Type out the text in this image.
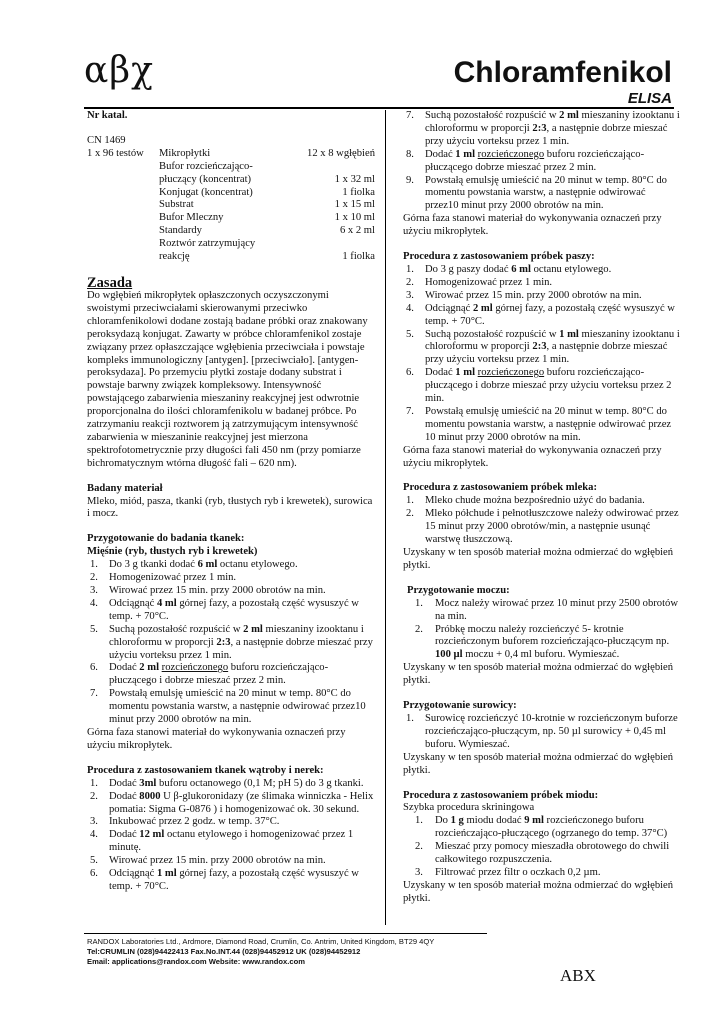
αβχ	Chloramfenikol
ELISA
Nr katal.
CN 1469
1 x 96 testów	Mikropłytki	12 x 8 wgłębień
Bufor rozcieńczająco-
płuczący (koncentrat)	1 x 32 ml
Konjugat (koncentrat)	1 fiolka
Substrat	1 x 15 ml
Bufor Mleczny	1 x 10 ml
Standardy	6 x 2 ml
Roztwór zatrzymujący
reakcję	1 fiolka
Zasada
Do wgłębień mikropłytek opłaszczonych oczyszczonymi swoistymi przeciwciałami skierowanymi przeciwko chloramfenikolowi dodane zostają badane próbki oraz znakowany peroksydazą konjugat. Zawarty w próbce chloramfenikol zostaje związany przez opłaszczające wgłębienia przeciwciała i powstaje kompleks immunologiczny [antygen]. [przeciwciało]. [antygen- peroksydaza]. Po przemyciu płytki zostaje dodany substrat i powstaje barwny związek kompleksowy. Intensywność powstającego zabarwienia mieszaniny reakcyjnej jest odwrotnie proporcjonalna do ilości chloramfenikolu w badanej próbce. Po zatrzymaniu reakcji roztworem ją zatrzymującym intensywność zabarwienia w mieszaninie reakcyjnej jest mierzona spektrofotometrycznie przy długości fali 450 nm (przy pomiarze bichromatycznym wtórna długość fali – 620 nm).
Badany materiał
Mleko, miód, pasza, tkanki (ryb, tłustych ryb i krewetek), surowica i mocz.
Przygotowanie do badania tkanek:
Mięśnie (ryb, tłustych ryb i krewetek)
1. Do 3 g tkanki dodać 6 ml octanu etylowego.
2. Homogenizować przez 1 min.
3. Wirować przez 15 min. przy 2000 obrotów na min.
4. Odciągnąć 4 ml górnej fazy, a pozostałą część wysuszyć w temp. + 70°C.
5. Suchą pozostałość rozpuścić w 2 ml mieszaniny izooktanu i chloroformu w proporcji 2:3, a następnie dobrze mieszać przy użyciu vorteksu przez 1 min.
6. Dodać 2 ml rozcieńczonego buforu rozcieńczająco-płuczącego i dobrze mieszać przez 2 min.
7. Powstałą emulsję umieścić na 20 minut w temp. 80°C do momentu powstania warstw, a następnie odwirować przez10 minut przy 2000 obrotów na min.
Górna faza stanowi materiał do wykonywania oznaczeń przy użyciu mikropłytek.
Procedura z zastosowaniem tkanek wątroby i nerek:
1. Dodać 3ml buforu octanowego (0,1 M; pH 5) do 3 g tkanki.
2. Dodać 8000 U β-glukoronidazy (ze ślimaka winniczka - Helix pomatia: Sigma G-0876 ) i homogenizować ok. 30 sekund.
3. Inkubować przez 2 godz. w temp. 37°C.
4. Dodać 12 ml octanu etylowego i homogenizować przez 1 minutę.
5. Wirować przez 15 min. przy 2000 obrotów na min.
6. Odciągnąć 1 ml górnej fazy, a pozostałą część wysuszyć w temp. + 70°C.
7. Suchą pozostałość rozpuścić w 2 ml mieszaniny izooktanu i chloroformu w proporcji 2:3, a następnie dobrze mieszać przy użyciu vorteksu przez 1 min.
8. Dodać 1 ml rozcieńczonego buforu rozcieńczająco-płuczącego dobrze mieszać przez 2 min.
9. Powstałą emulsję umieścić na 20 minut w temp. 80°C do momentu powstania warstw, a następnie odwirować przez10 minut przy 2000 obrotów na min.
Górna faza stanowi materiał do wykonywania oznaczeń przy użyciu mikropłytek.
Procedura z zastosowaniem próbek paszy:
1. Do 3 g paszy dodać 6 ml octanu etylowego.
2. Homogenizować przez 1 min.
3. Wirować przez 15 min. przy 2000 obrotów na min.
4. Odciągnąć 2 ml górnej fazy, a pozostałą część wysuszyć w temp. + 70°C.
5. Suchą pozostałość rozpuścić w 1 ml mieszaniny izooktanu i chloroformu w proporcji 2:3, a następnie dobrze mieszać przy użyciu vorteksu przez 1 min.
6. Dodać 1 ml rozcieńczonego buforu rozcieńczająco-płuczącego i dobrze mieszać przy użyciu vorteksu przez 2 min.
7. Powstałą emulsję umieścić na 20 minut w temp. 80°C do momentu powstania warstw, a następnie odwirować przez 10 minut przy 2000 obrotów na min.
Górna faza stanowi materiał do wykonywania oznaczeń przy użyciu mikropłytek.
Procedura z zastosowaniem próbek mleka:
1. Mleko chude można bezpośrednio użyć do badania.
2. Mleko półchude i pełnotłuszczowe należy odwirować przez 15 minut przy 2000 obrotów/min, a następnie usunąć warstwę tłuszczową.
Uzyskany w ten sposób materiał można odmierzać do wgłębień płytki.
Przygotowanie moczu:
1. Mocz należy wirować przez 10 minut przy 2500 obrotów na min.
2. Próbkę moczu należy rozcieńczyć 5- krotnie rozcieńczonym buforem rozcieńczająco-płuczącym np. 100 µl moczu + 0,4 ml buforu. Wymieszać.
Uzyskany w ten sposób materiał można odmierzać do wgłębień płytki.
Przygotowanie surowicy:
1. Surowicę rozcieńczyć 10-krotnie w rozcieńczonym buforze rozcieńczająco-płuczącym, np. 50 µl surowicy + 0,45 ml buforu. Wymieszać.
Uzyskany w ten sposób materiał można odmierzać do wgłębień płytki.
Procedura z zastosowaniem próbek miodu:
Szybka procedura skriningowa
1. Do 1 g miodu dodać 9 ml rozcieńczonego buforu rozcieńczająco-płuczącego (ogrzanego do temp. 37°C)
2. Mieszać przy pomocy mieszadła obrotowego do chwili całkowitego rozpuszczenia.
3. Filtrować przez filtr o oczkach 0,2 µm.
Uzyskany w ten sposób materiał można odmierzać do wgłębień płytki.
RANDOX Laboratories Ltd., Ardmore, Diamond Road, Crumlin, Co. Antrim, United Kingdom, BT29 4QY
Tel:CRUMLIN (028)94422413 Fax.No.INT.44 (028)94452912 UK (028)94452912
Email: applications@randox.com Website: www.randox.com
ABX
